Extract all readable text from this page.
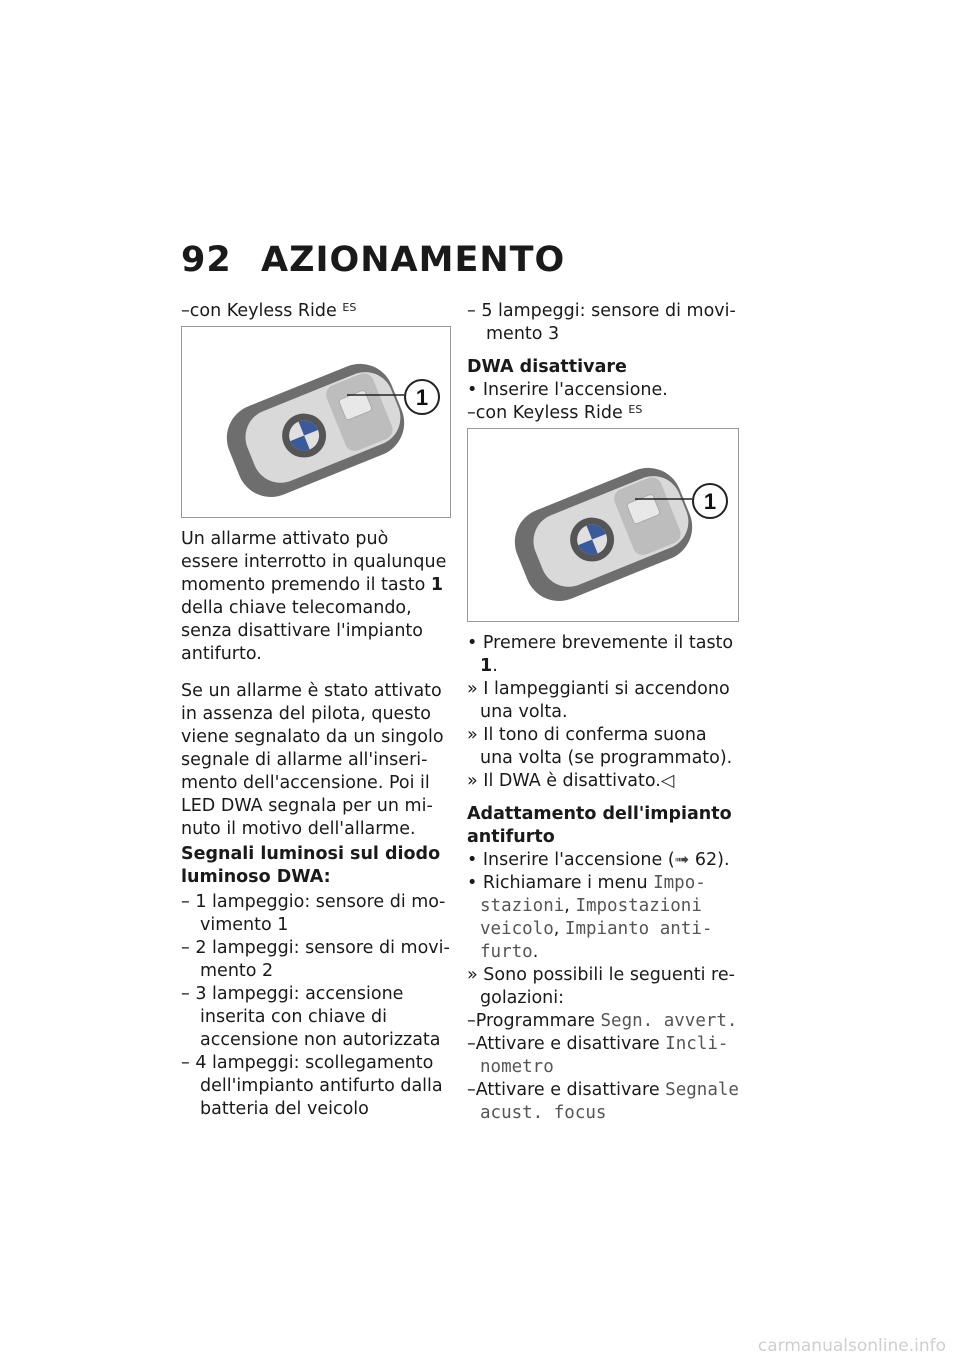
92 AZIONAMENTO

–con Keyless Ride $^{ES}$

1

Un allarme attivato può essere interrotto in qualunque momento premendo il tasto 1 della chiave telecomando, senza disattivare l'impianto antifurto.

Se un allarme è stato attivato in assenza del pilota, questo viene segnalato da un singolo segnale di allarme all'inserimento dell'accensione. Poi il LED DWA segnala per un minuto il motivo dell'allarme.

Segnali luminosi sul diodo luminoso DWA:

– 1 lampeggio: sensore di movimento 1

– 2 lampeggi: sensore di movimento 2

– 3 lampeggi: accensione inserita con chiave di accensione non autorizzata

– 4 lampeggi: scollegamento dell'impianto antifurto dalla batteria del veicolo

– 5 lampeggi: sensore di movimento 3

DWA disattivare

• Inserire l'accensione.

–con Keyless Ride $^{ES}$

1

• Premere brevemente il tasto 1.

» I lampeggianti si accendono una volta.

» Il tono di conferma suona una volta (se programmato).

» Il DWA è disattivato.◁

Adattamento dell'impianto antifurto

• Inserire l'accensione (➟ 62).

• Richiamare i menu Impostazioni, Impostazioni veicolo, Impianto antifurto.

» Sono possibili le seguenti regolazioni:

–Programmare Segn. avvert.

–Attivare e disattivare Inclinometro

–Attivare e disattivare Segnale acust. focus

carmanualsonline.info
